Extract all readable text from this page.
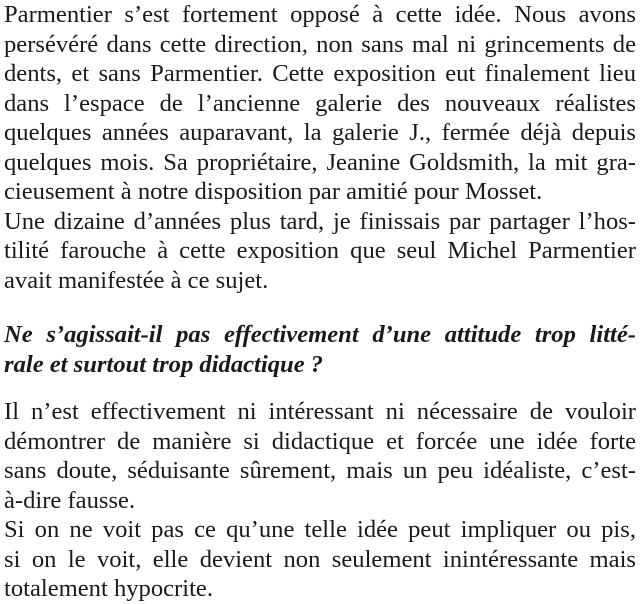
Parmentier s’est fortement opposé à cette idée. Nous avons
persévéré dans cette direction, non sans mal ni grincements de
dents, et sans Parmentier. Cette exposition eut finalement lieu
dans l’espace de l’ancienne galerie des nouveaux réalistes
quelques années auparavant, la galerie J., fermée déjà depuis
quelques mois. Sa propriétaire, Jeanine Goldsmith, la mit gra-
cieusement à notre disposition par amitié pour Mosset.
Une dizaine d’années plus tard, je finissais par partager l’hos-
tilité farouche à cette exposition que seul Michel Parmentier
avait manifestée à ce sujet.
Ne s’agissait-il pas effectivement d’une attitude trop litté-
rale et surtout trop didactique ?
Il n’est effectivement ni intéressant ni nécessaire de vouloir
démontrer de manière si didactique et forcée une idée forte
sans doute, séduisante sûrement, mais un peu idéaliste, c’est-
à-dire fausse.
Si on ne voit pas ce qu’une telle idée peut impliquer ou pis,
si on le voit, elle devient non seulement inintéressante mais
totalement hypocrite.
